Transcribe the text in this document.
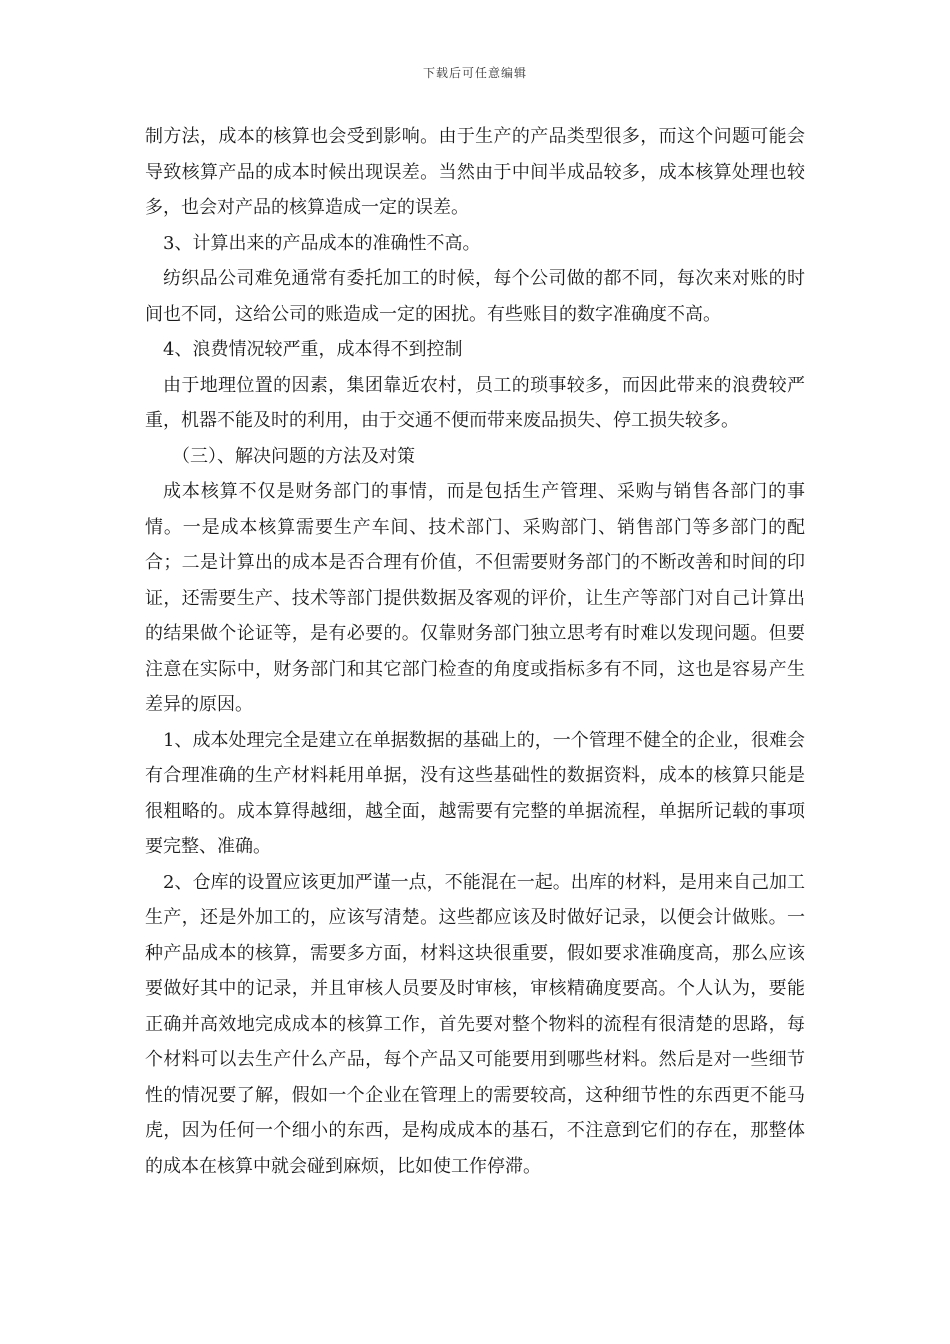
下载后可任意编辑

制方法，成本的核算也会受到影响。由于生产的产品类型很多，而这个问题可能会导致核算产品的成本时候出现误差。当然由于中间半成品较多，成本核算处理也较多，也会对产品的核算造成一定的误差。

3、计算出来的产品成本的准确性不高。

纺织品公司难免通常有委托加工的时候，每个公司做的都不同，每次来对账的时间也不同，这给公司的账造成一定的困扰。有些账目的数字准确度不高。

4、浪费情况较严重，成本得不到控制

由于地理位置的因素，集团靠近农村，员工的琐事较多，而因此带来的浪费较严重，机器不能及时的利用，由于交通不便而带来废品损失、停工损失较多。

（三）、解决问题的方法及对策

成本核算不仅是财务部门的事情，而是包括生产管理、采购与销售各部门的事情。一是成本核算需要生产车间、技术部门、采购部门、销售部门等多部门的配合；二是计算出的成本是否合理有价值，不但需要财务部门的不断改善和时间的印证，还需要生产、技术等部门提供数据及客观的评价，让生产等部门对自己计算出的结果做个论证等，是有必要的。仅靠财务部门独立思考有时难以发现问题。但要注意在实际中，财务部门和其它部门检查的角度或指标多有不同，这也是容易产生差异的原因。

1、成本处理完全是建立在单据数据的基础上的，一个管理不健全的企业，很难会有合理准确的生产材料耗用单据，没有这些基础性的数据资料，成本的核算只能是很粗略的。成本算得越细，越全面，越需要有完整的单据流程，单据所记载的事项要完整、准确。

2、仓库的设置应该更加严谨一点，不能混在一起。出库的材料，是用来自己加工生产，还是外加工的，应该写清楚。这些都应该及时做好记录，以便会计做账。一种产品成本的核算，需要多方面，材料这块很重要，假如要求准确度高，那么应该要做好其中的记录，并且审核人员要及时审核，审核精确度要高。个人认为，要能正确并高效地完成成本的核算工作，首先要对整个物料的流程有很清楚的思路，每个材料可以去生产什么产品，每个产品又可能要用到哪些材料。然后是对一些细节性的情况要了解，假如一个企业在管理上的需要较高，这种细节性的东西更不能马虎，因为任何一个细小的东西，是构成成本的基石，不注意到它们的存在，那整体的成本在核算中就会碰到麻烦，比如使工作停滞。
